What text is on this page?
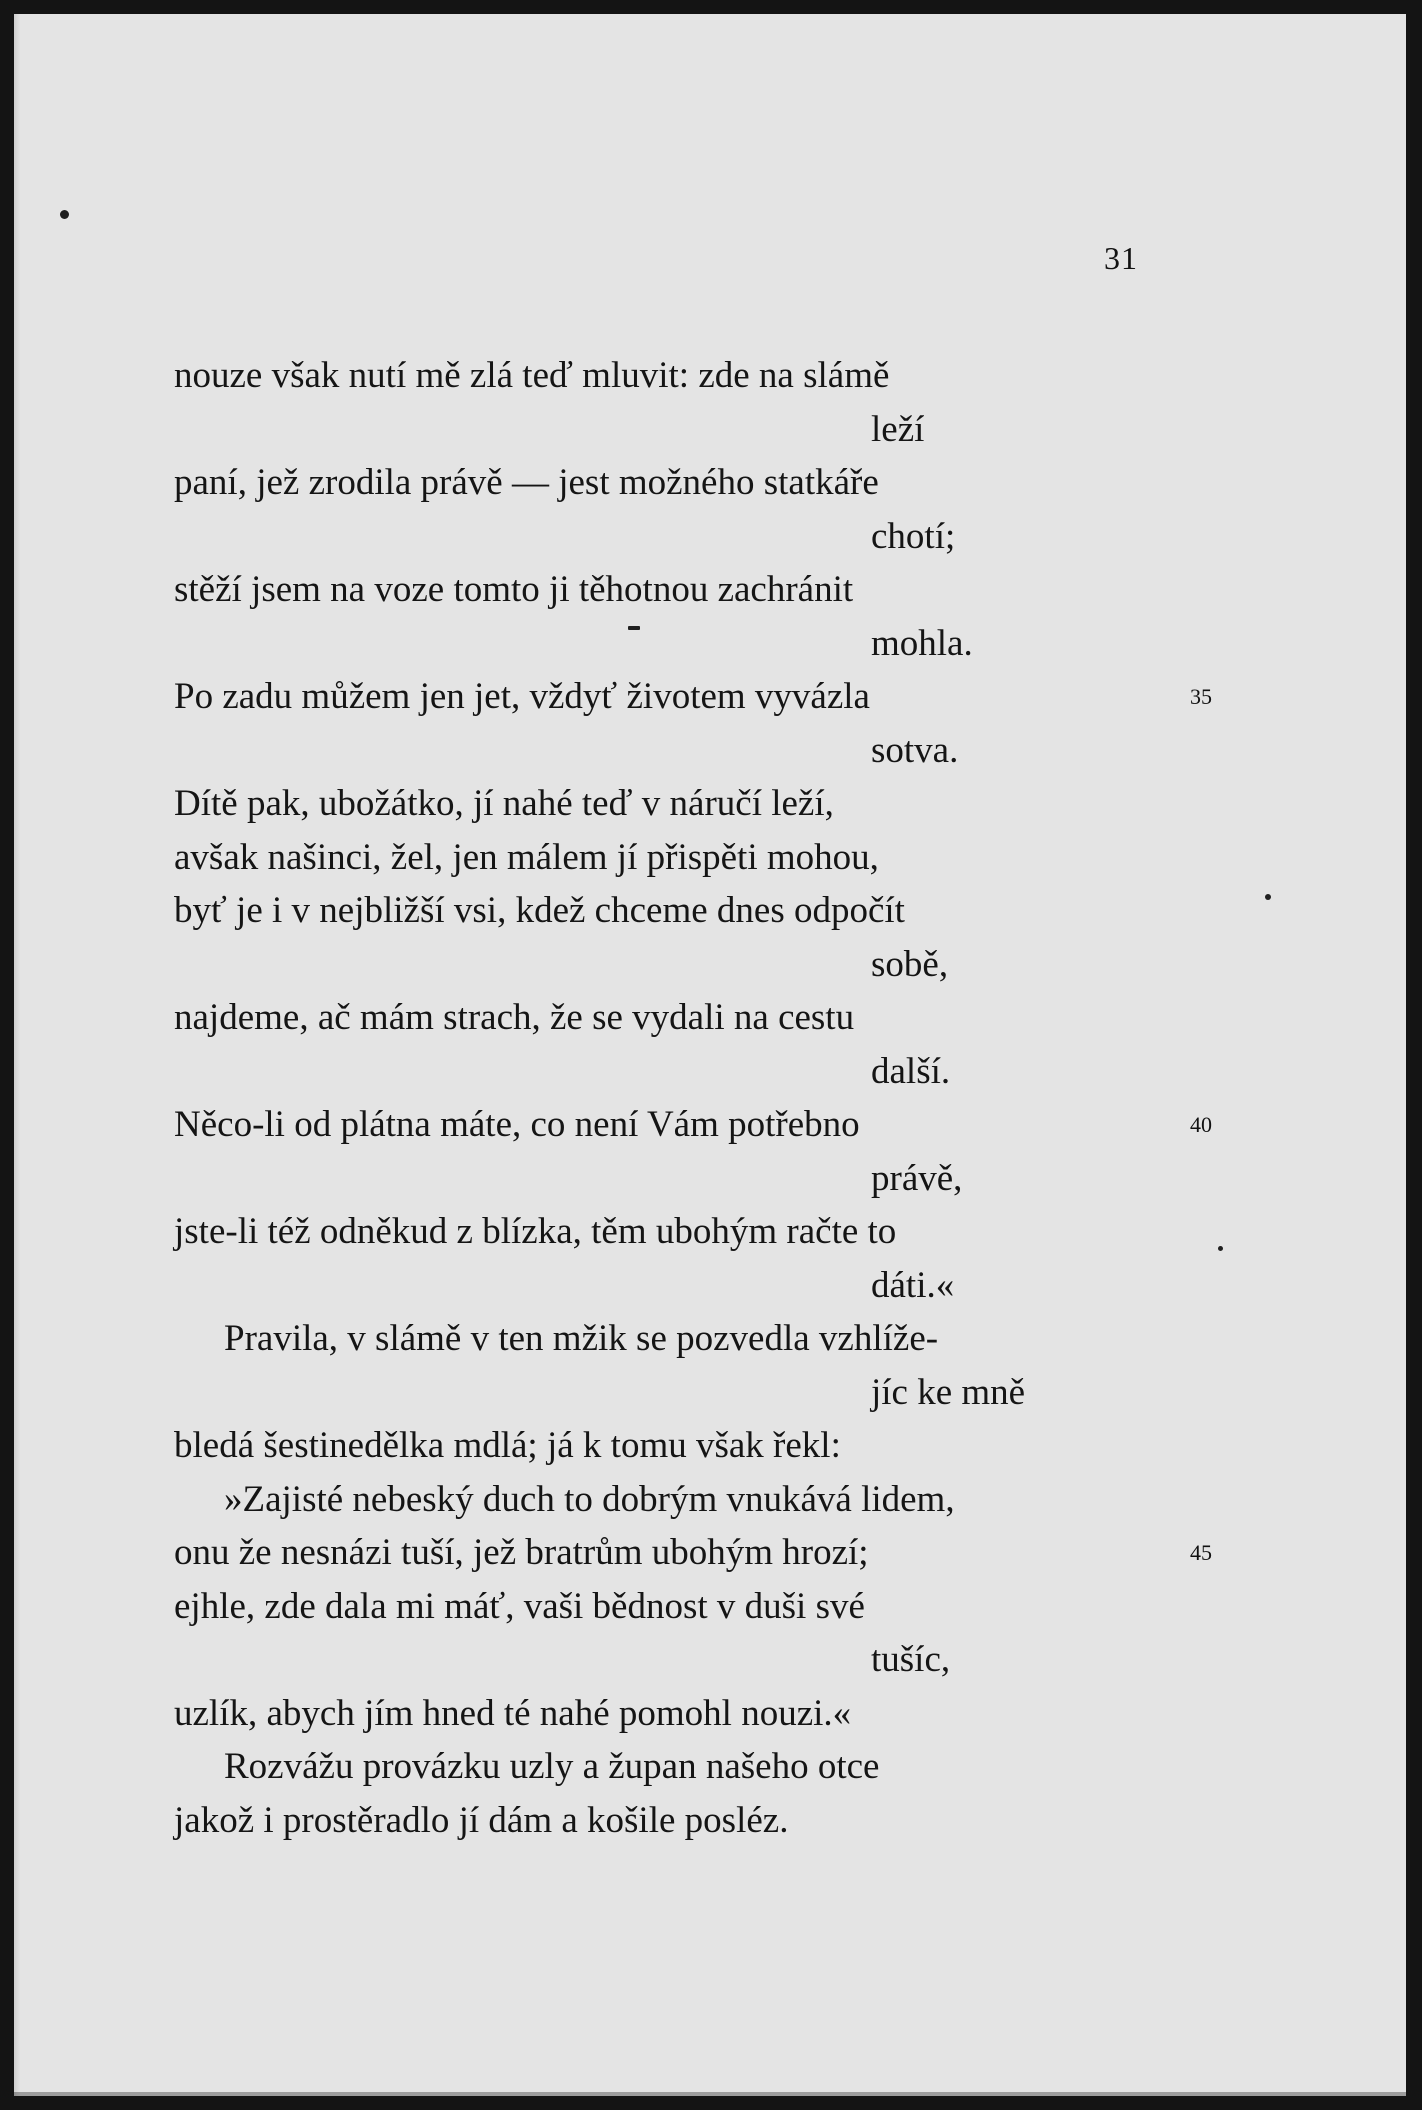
31
nouze však nutí mě zlá teď mluvit: zde na slámě
leží
paní, jež zrodila právě — jest možného statkáře
chotí;
stěží jsem na voze tomto ji těhotnou zachránit
mohla.
Po zadu můžem jen jet, vždyť životem vyvázla	35
sotva.
Dítě pak, ubožátko, jí nahé teď v náručí leží,
avšak našinci, žel, jen málem jí přispěti mohou,
byť je i v nejbližší vsi, kdež chceme dnes odpočít
sobě,
najdeme, ač mám strach, že se vydali na cestu
další.
Něco-li od plátna máte, co není Vám potřebno	40
právě,
jste-li též odněkud z blízka, těm ubohým račte to
dáti.«
Pravila, v slámě v ten mžik se pozvedla vzhlíže-
jíc ke mně
bledá šestinedělka mdlá; já k tomu však řekl:
»Zajisté nebeský duch to dobrým vnukává lidem,
onu že nesnázi tuší, jež bratrům ubohým hrozí;	45
ejhle, zde dala mi máť, vaši bědnost v duši své
tušíc,
uzlík, abych jím hned té nahé pomohl nouzi.«
Rozvážu provázku uzly a župan našeho otce
jakož i prostěradlo jí dám a košile posléz.
